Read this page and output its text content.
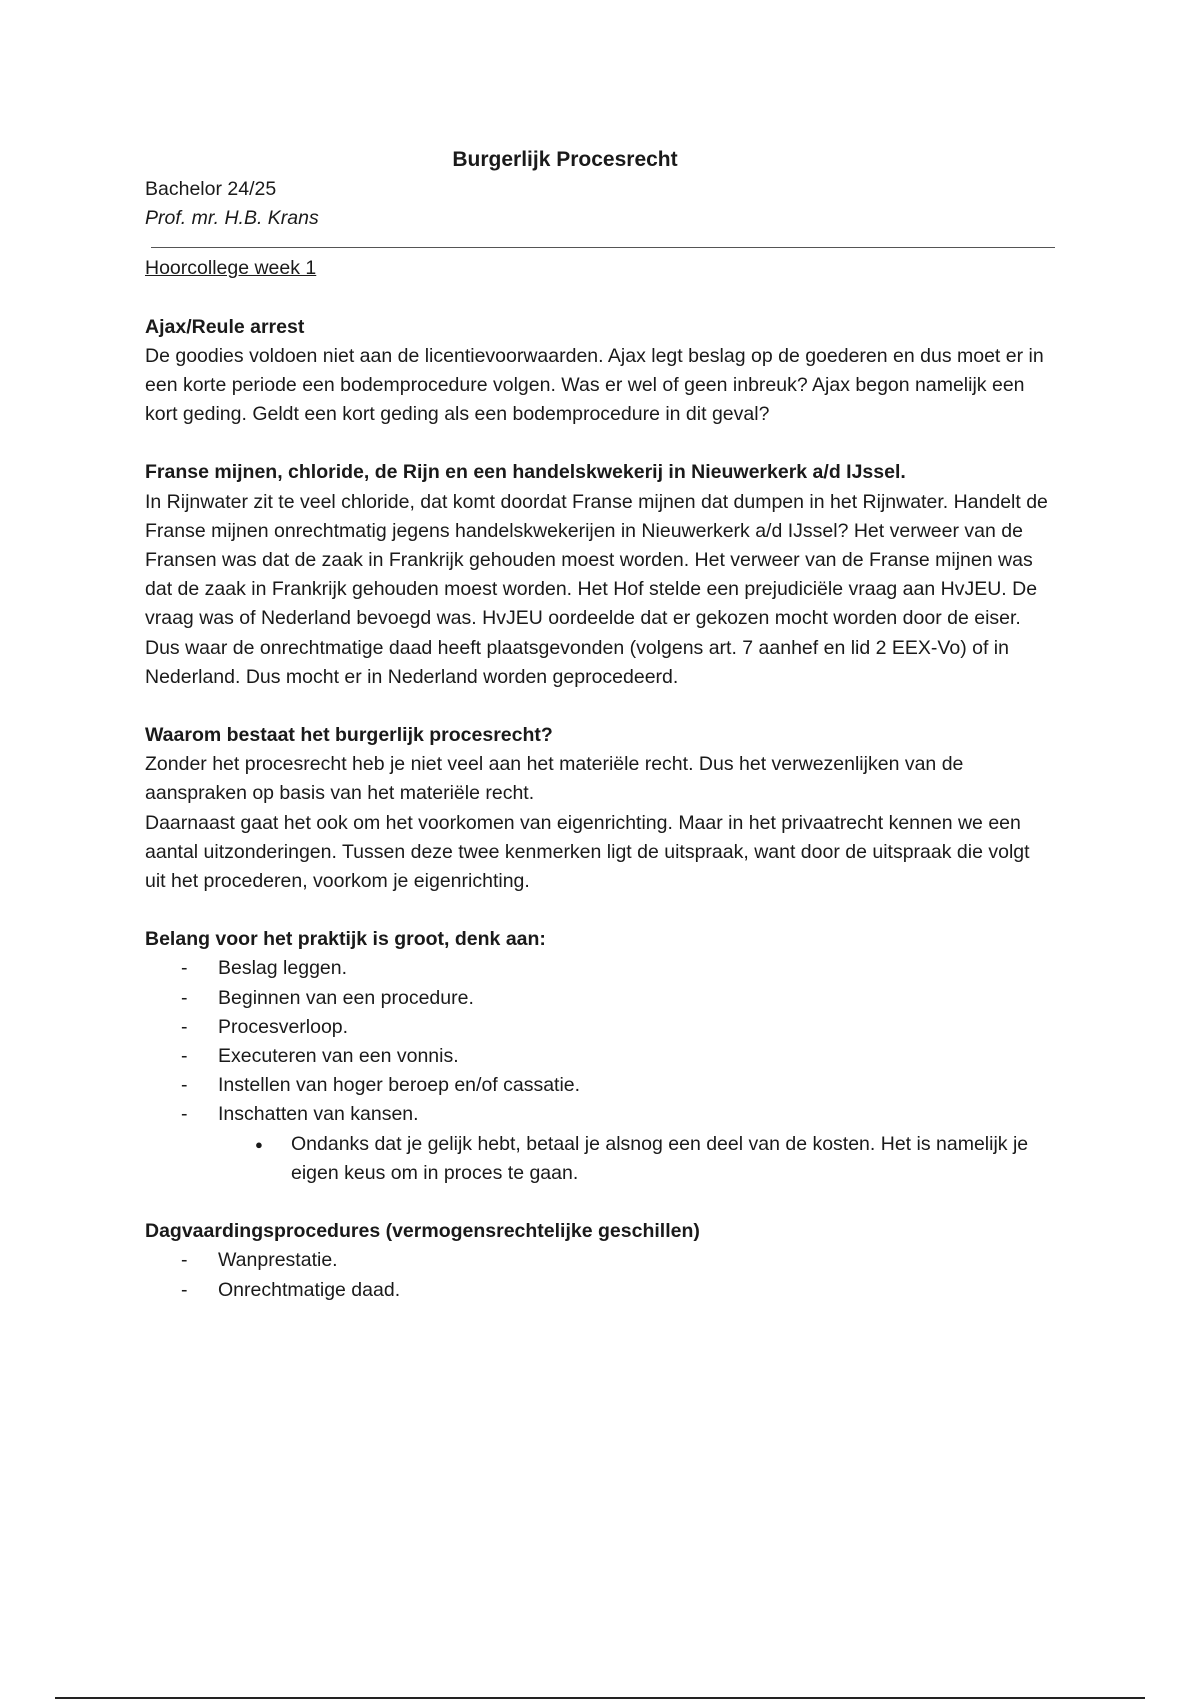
Burgerlijk Procesrecht

Bachelor 24/25

Prof. mr. H.B. Krans

Hoorcollege week 1

Ajax/Reule arrest

De goodies voldoen niet aan de licentievoorwaarden. Ajax legt beslag op de goederen en dus moet er in een korte periode een bodemprocedure volgen. Was er wel of geen inbreuk? Ajax begon namelijk een kort geding. Geldt een kort geding als een bodemprocedure in dit geval?

Franse mijnen, chloride, de Rijn en een handelskwekerij in Nieuwerkerk a/d IJssel.

In Rijnwater zit te veel chloride, dat komt doordat Franse mijnen dat dumpen in het Rijnwater. Handelt de Franse mijnen onrechtmatig jegens handelskwekerijen in Nieuwerkerk a/d IJssel? Het verweer van de Fransen was dat de zaak in Frankrijk gehouden moest worden. Het verweer van de Franse mijnen was dat de zaak in Frankrijk gehouden moest worden. Het Hof stelde een prejudiciële vraag aan HvJEU. De vraag was of Nederland bevoegd was. HvJEU oordeelde dat er gekozen mocht worden door de eiser. Dus waar de onrechtmatige daad heeft plaatsgevonden (volgens art. 7 aanhef en lid 2 EEX-Vo) of in Nederland. Dus mocht er in Nederland worden geprocedeerd.

Waarom bestaat het burgerlijk procesrecht?

Zonder het procesrecht heb je niet veel aan het materiële recht. Dus het verwezenlijken van de aanspraken op basis van het materiële recht.

Daarnaast gaat het ook om het voorkomen van eigenrichting. Maar in het privaatrecht kennen we een aantal uitzonderingen. Tussen deze twee kenmerken ligt de uitspraak, want door de uitspraak die volgt uit het procederen, voorkom je eigenrichting.

Belang voor het praktijk is groot, denk aan:

- Beslag leggen.
- Beginnen van een procedure.
- Procesverloop.
- Executeren van een vonnis.
- Instellen van hoger beroep en/of cassatie.
- Inschatten van kansen.
● Ondanks dat je gelijk hebt, betaal je alsnog een deel van de kosten. Het is namelijk je eigen keus om in proces te gaan.

Dagvaardingsprocedures (vermogensrechtelijke geschillen)

- Wanprestatie.
- Onrechtmatige daad.
